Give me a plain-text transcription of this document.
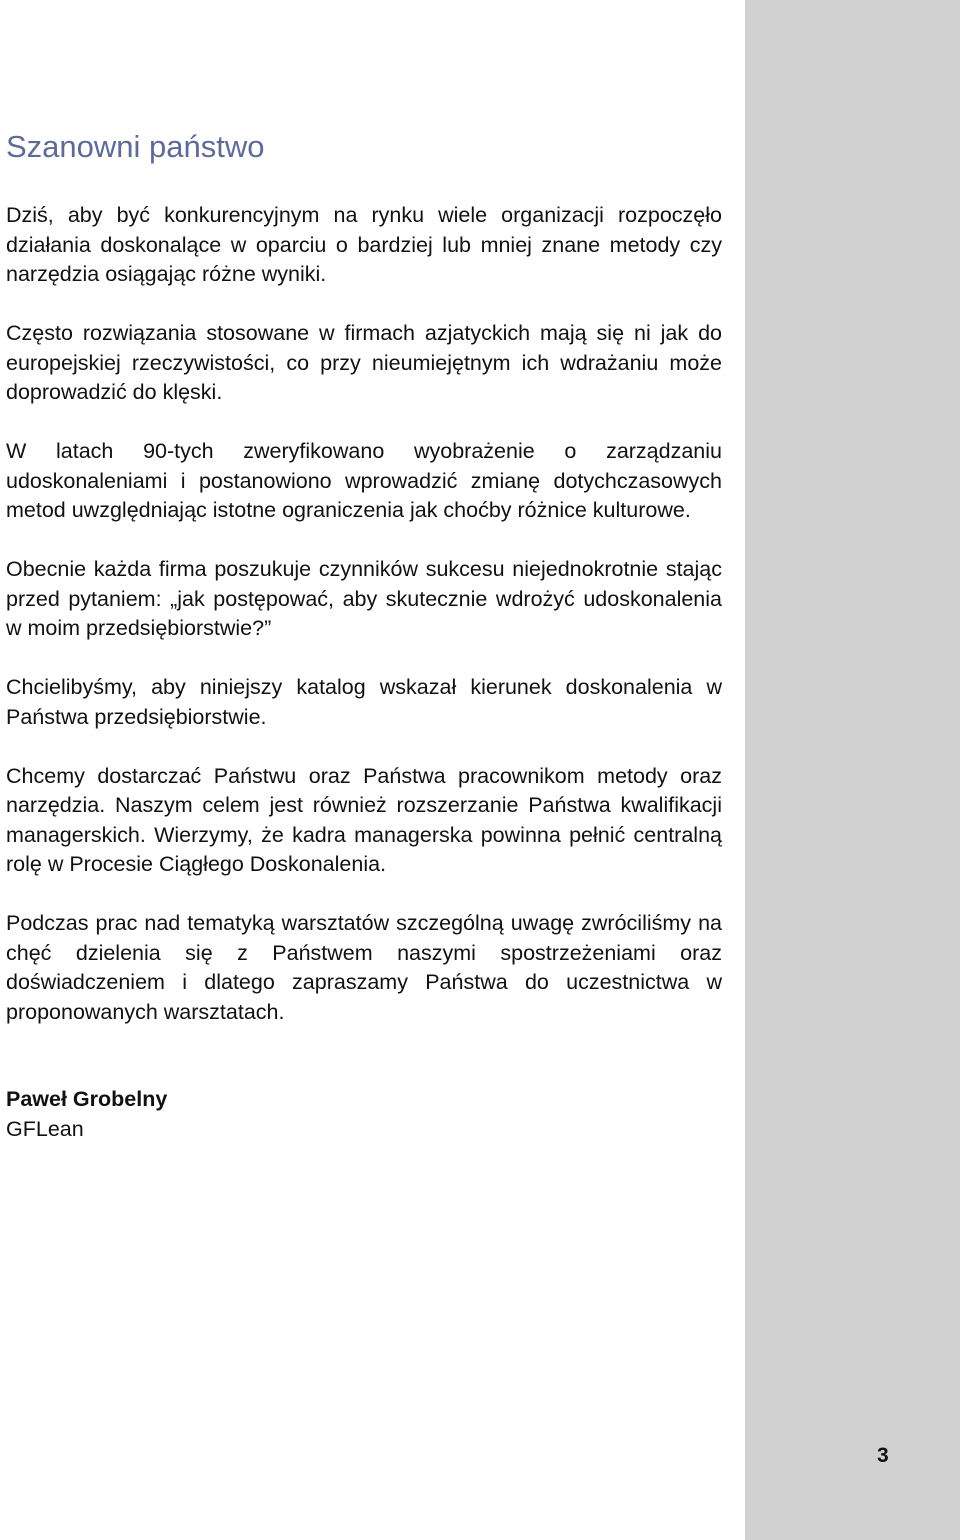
Szanowni państwo

Dziś, aby być konkurencyjnym na rynku wiele organizacji rozpoczęło działania doskonalące w oparciu o bardziej lub mniej znane metody czy narzędzia osiągając różne wyniki.

Często rozwiązania stosowane w firmach azjatyckich mają się ni jak do europejskiej rzeczywistości, co przy nieumiejętnym ich wdrażaniu może doprowadzić do klęski.

W latach 90-tych zweryfikowano wyobrażenie o zarządzaniu udoskonaleniami i postanowiono wprowadzić zmianę dotychczasowych metod uwzględniając istotne ograniczenia jak choćby różnice kulturowe.

Obecnie każda firma poszukuje czynników sukcesu niejednokrotnie stając przed pytaniem: „jak postępować, aby skutecznie wdrożyć udoskonalenia w moim przedsiębiorstwie?”

Chcielibyśmy, aby niniejszy katalog wskazał kierunek doskonalenia w Państwa przedsiębiorstwie.

Chcemy dostarczać Państwu oraz Państwa pracownikom metody oraz narzędzia. Naszym celem jest również rozszerzanie Państwa kwalifikacji managerskich. Wierzymy, że kadra managerska powinna pełnić centralną rolę w Procesie Ciągłego Doskonalenia.

Podczas prac nad tematyką warsztatów szczególną uwagę zwróciliśmy na chęć dzielenia się z Państwem naszymi spostrzeżeniami oraz doświadczeniem i dlatego zapraszamy Państwa do uczestnictwa w proponowanych warsztatach.

Paweł Grobelny
GFLean
3
